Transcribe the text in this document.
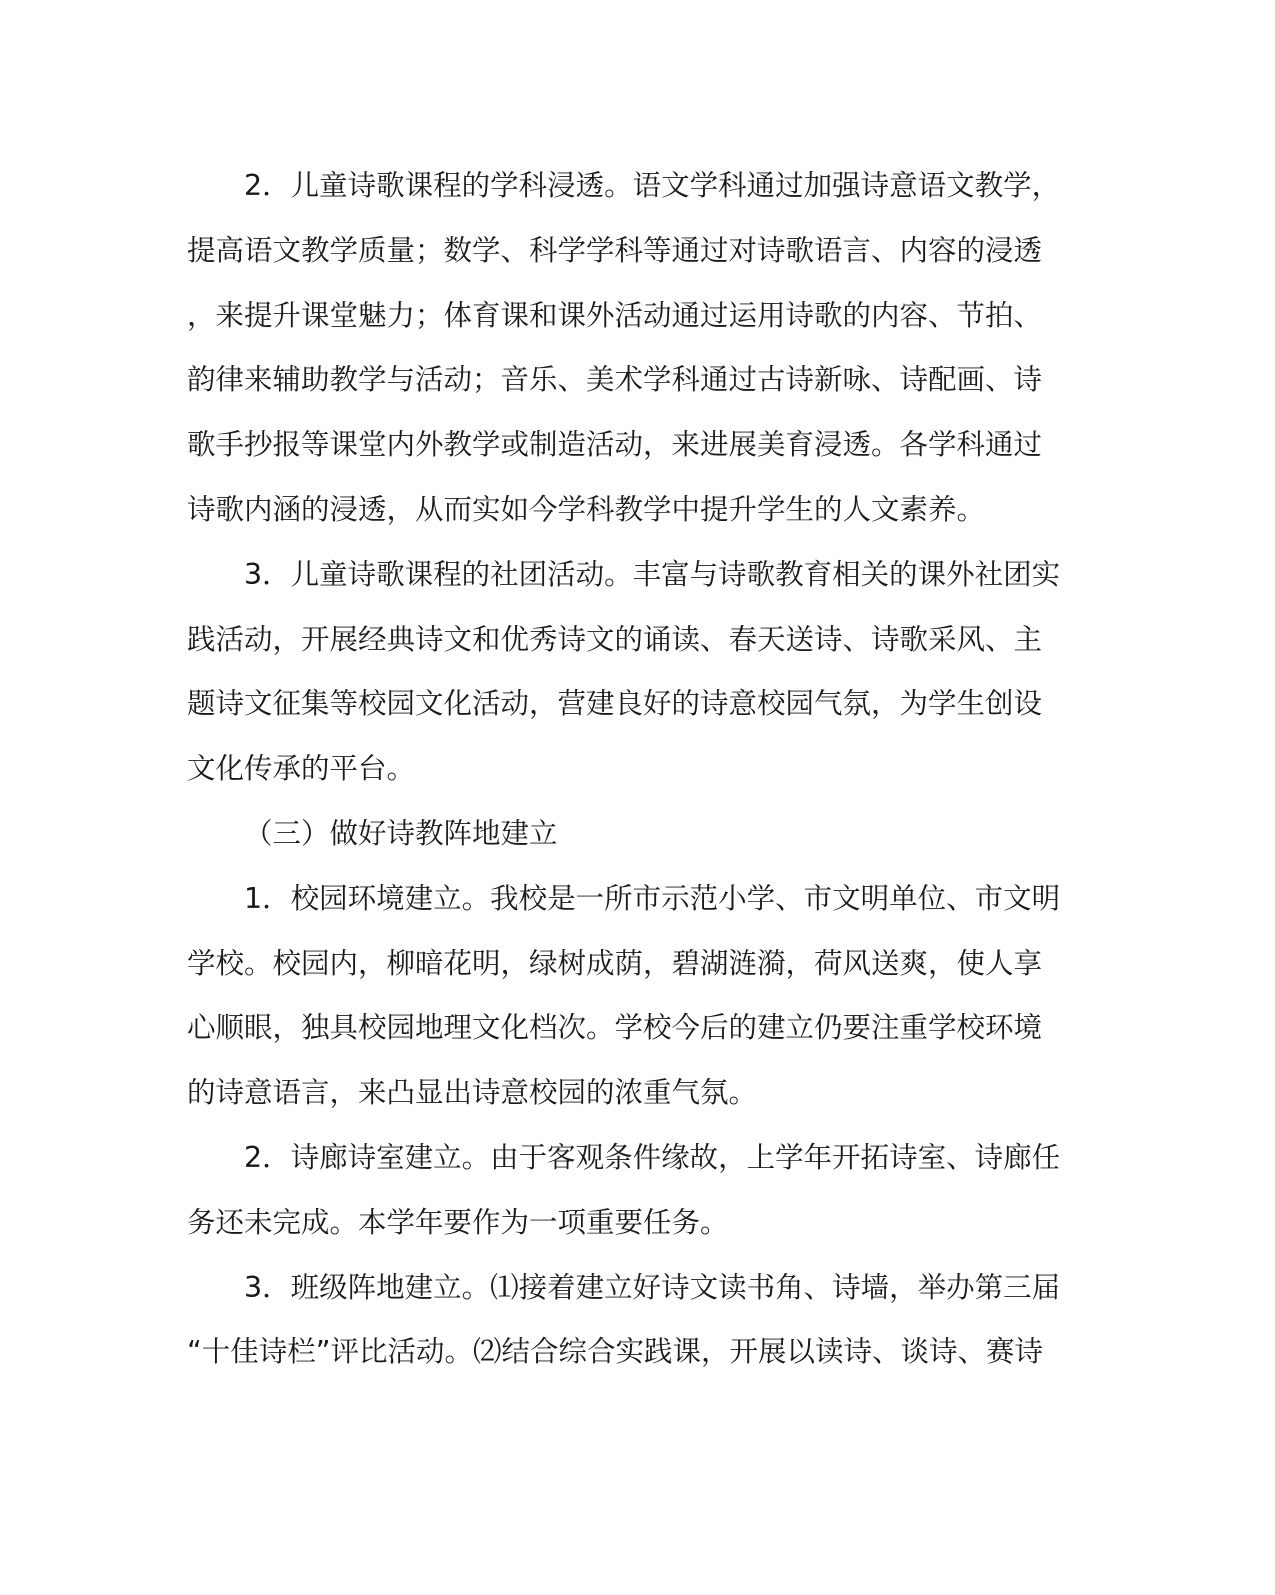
2．儿童诗歌课程的学科浸透。语文学科通过加强诗意语文教学，
提高语文教学质量；数学、科学学科等通过对诗歌语言、内容的浸透
，来提升课堂魅力；体育课和课外活动通过运用诗歌的内容、节拍、
韵律来辅助教学与活动；音乐、美术学科通过古诗新咏、诗配画、诗
歌手抄报等课堂内外教学或制造活动，来进展美育浸透。各学科通过
诗歌内涵的浸透，从而实如今学科教学中提升学生的人文素养。
3．儿童诗歌课程的社团活动。丰富与诗歌教育相关的课外社团实
践活动，开展经典诗文和优秀诗文的诵读、春天送诗、诗歌采风、主
题诗文征集等校园文化活动，营建良好的诗意校园气氛，为学生创设
文化传承的平台。
（三）做好诗教阵地建立
1．校园环境建立。我校是一所市示范小学、市文明单位、市文明
学校。校园内，柳暗花明，绿树成荫，碧湖涟漪，荷风送爽，使人享
心顺眼，独具校园地理文化档次。学校今后的建立仍要注重学校环境
的诗意语言，来凸显出诗意校园的浓重气氛。
2．诗廊诗室建立。由于客观条件缘故，上学年开拓诗室、诗廊任
务还未完成。本学年要作为一项重要任务。
3．班级阵地建立。⑴接着建立好诗文读书角、诗墙，举办第三届
“十佳诗栏”评比活动。⑵结合综合实践课，开展以读诗、谈诗、赛诗
